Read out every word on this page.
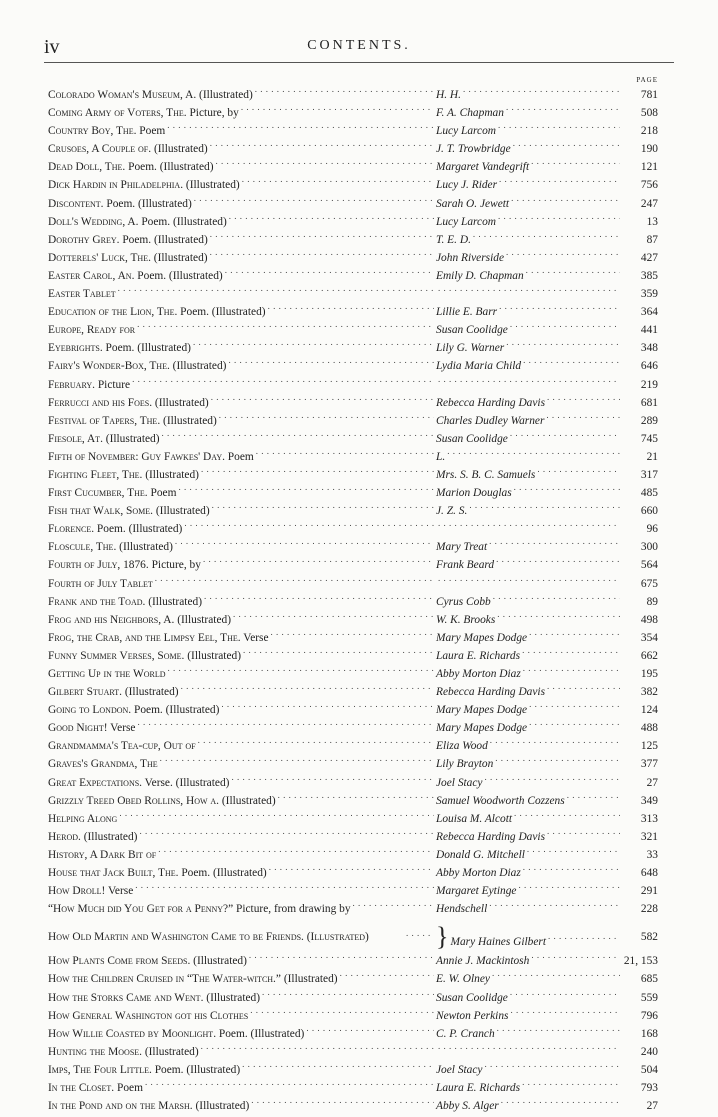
iv	CONTENTS.
PAGE
Colorado Woman's Museum, A. (Illustrated) . . .	H. H. . . .	781
Coming Army of Voters, The. Picture, by . . .	F. A. Chapman . . .	508
Country Boy, The. Poem . . .	Lucy Larcom . . .	218
Crusoes, A Couple of. (Illustrated) . . .	J. T. Trowbridge . . .	190
Dead Doll, The. Poem. (Illustrated) . . .	Margaret Vandegrift . . .	121
Dick Hardin in Philadelphia. (Illustrated) . . .	Lucy J. Rider . . .	756
Discontent. Poem. (Illustrated) . . .	Sarah O. Jewett . . .	247
Doll's Wedding, A. Poem. (Illustrated) . . .	Lucy Larcom . . .	13
Dorothy Grey. Poem. (Illustrated) . . .	T. E. D. . . .	87
Dotterels' Luck, The. (Illustrated) . . .	John Riverside . . .	427
Easter Carol, An. Poem. (Illustrated) . . .	Emily D. Chapman . . .	385
Easter Tablet . . . . . .	359
Education of the Lion, The. Poem. (Illustrated) . . .	Lillie E. Barr . . .	364
Europe, Ready for . . .	Susan Coolidge . . .	441
Eyebrights. Poem. (Illustrated) . . .	Lily G. Warner . . .	348
Fairy's Wonder-Box, The. (Illustrated) . . .	Lydia Maria Child . . .	646
February. Picture . . . . . .	219
Ferrucci and his Foes. (Illustrated) . . .	Rebecca Harding Davis . . .	681
Festival of Tapers, The. (Illustrated) . . .	Charles Dudley Warner . . .	289
Fiesole, At. (Illustrated) . . .	Susan Coolidge . . .	745
Fifth of November: Guy Fawkes' Day. Poem . . .	L. . . .	21
Fighting Fleet, The. (Illustrated) . . .	Mrs. S. B. C. Samuels . . .	317
First Cucumber, The. Poem . . .	Marion Douglas . . .	485
Fish that Walk, Some. (Illustrated) . . .	J. Z. S. . . .	660
Florence. Poem. (Illustrated) . . . . . .	96
Floscule, The. (Illustrated) . . .	Mary Treat . . .	300
Fourth of July, 1876. Picture, by . . .	Frank Beard . . .	564
Fourth of July Tablet . . . . . .	675
Frank and the Toad. (Illustrated) . . .	Cyrus Cobb . . .	89
Frog and his Neighbors, A. (Illustrated) . . .	W. K. Brooks . . .	498
Frog, the Crab, and the Limpsy Eel, The. Verse . . .	Mary Mapes Dodge . . .	354
Funny Summer Verses, Some. (Illustrated) . . .	Laura E. Richards . . .	662
Getting Up in the World . . .	Abby Morton Diaz . . .	195
Gilbert Stuart. (Illustrated) . . .	Rebecca Harding Davis . . .	382
Going to London. Poem. (Illustrated) . . .	Mary Mapes Dodge . . .	124
Good Night! Verse . . .	Mary Mapes Dodge . . .	488
Grandmamma's Tea-cup, Out of . . .	Eliza Wood . . .	125
Graves's Grandma, The . . .	Lily Brayton . . .	377
Great Expectations. Verse. (Illustrated) . . .	Joel Stacy . . .	27
Grizzly Treed Obed Rollins, How a. (Illustrated) . . .	Samuel Woodworth Cozzens . . .	349
Helping Along . . .	Louisa M. Alcott . . .	313
Herod. (Illustrated) . . .	Rebecca Harding Davis . . .	321
History, A Dark Bit of . . .	Donald G. Mitchell . . .	33
House that Jack Built, The. Poem. (Illustrated) . . .	Abby Morton Diaz . . .	648
How Droll! Verse . . .	Margaret Eytinge . . .	291
“How Much did You Get for a Penny?” Picture, from drawing by . . .	Hendschell . . .	228
How Old Martin and Washington Came to be Friends. (Illustrated) . . .	} Mary Haines Gilbert . . .	582
How Plants Come from Seeds. (Illustrated) . . .	Annie J. Mackintosh . . .	21, 153
How the Children Cruised in “The Water-witch.” (Illustrated) . . .	E. W. Olney . . .	685
How the Storks Came and Went. (Illustrated) . . .	Susan Coolidge . . .	559
How General Washington got his Clothes . . .	Newton Perkins . . .	796
How Willie Coasted by Moonlight. Poem. (Illustrated) . . .	C. P. Cranch . . .	168
Hunting the Moose. (Illustrated) . . . . . .	240
Imps, The Four Little. Poem. (Illustrated) . . .	Joel Stacy . . .	504
In the Closet. Poem . . .	Laura E. Richards . . .	793
In the Pond and on the Marsh. (Illustrated) . . .	Abby S. Alger . . .	27
